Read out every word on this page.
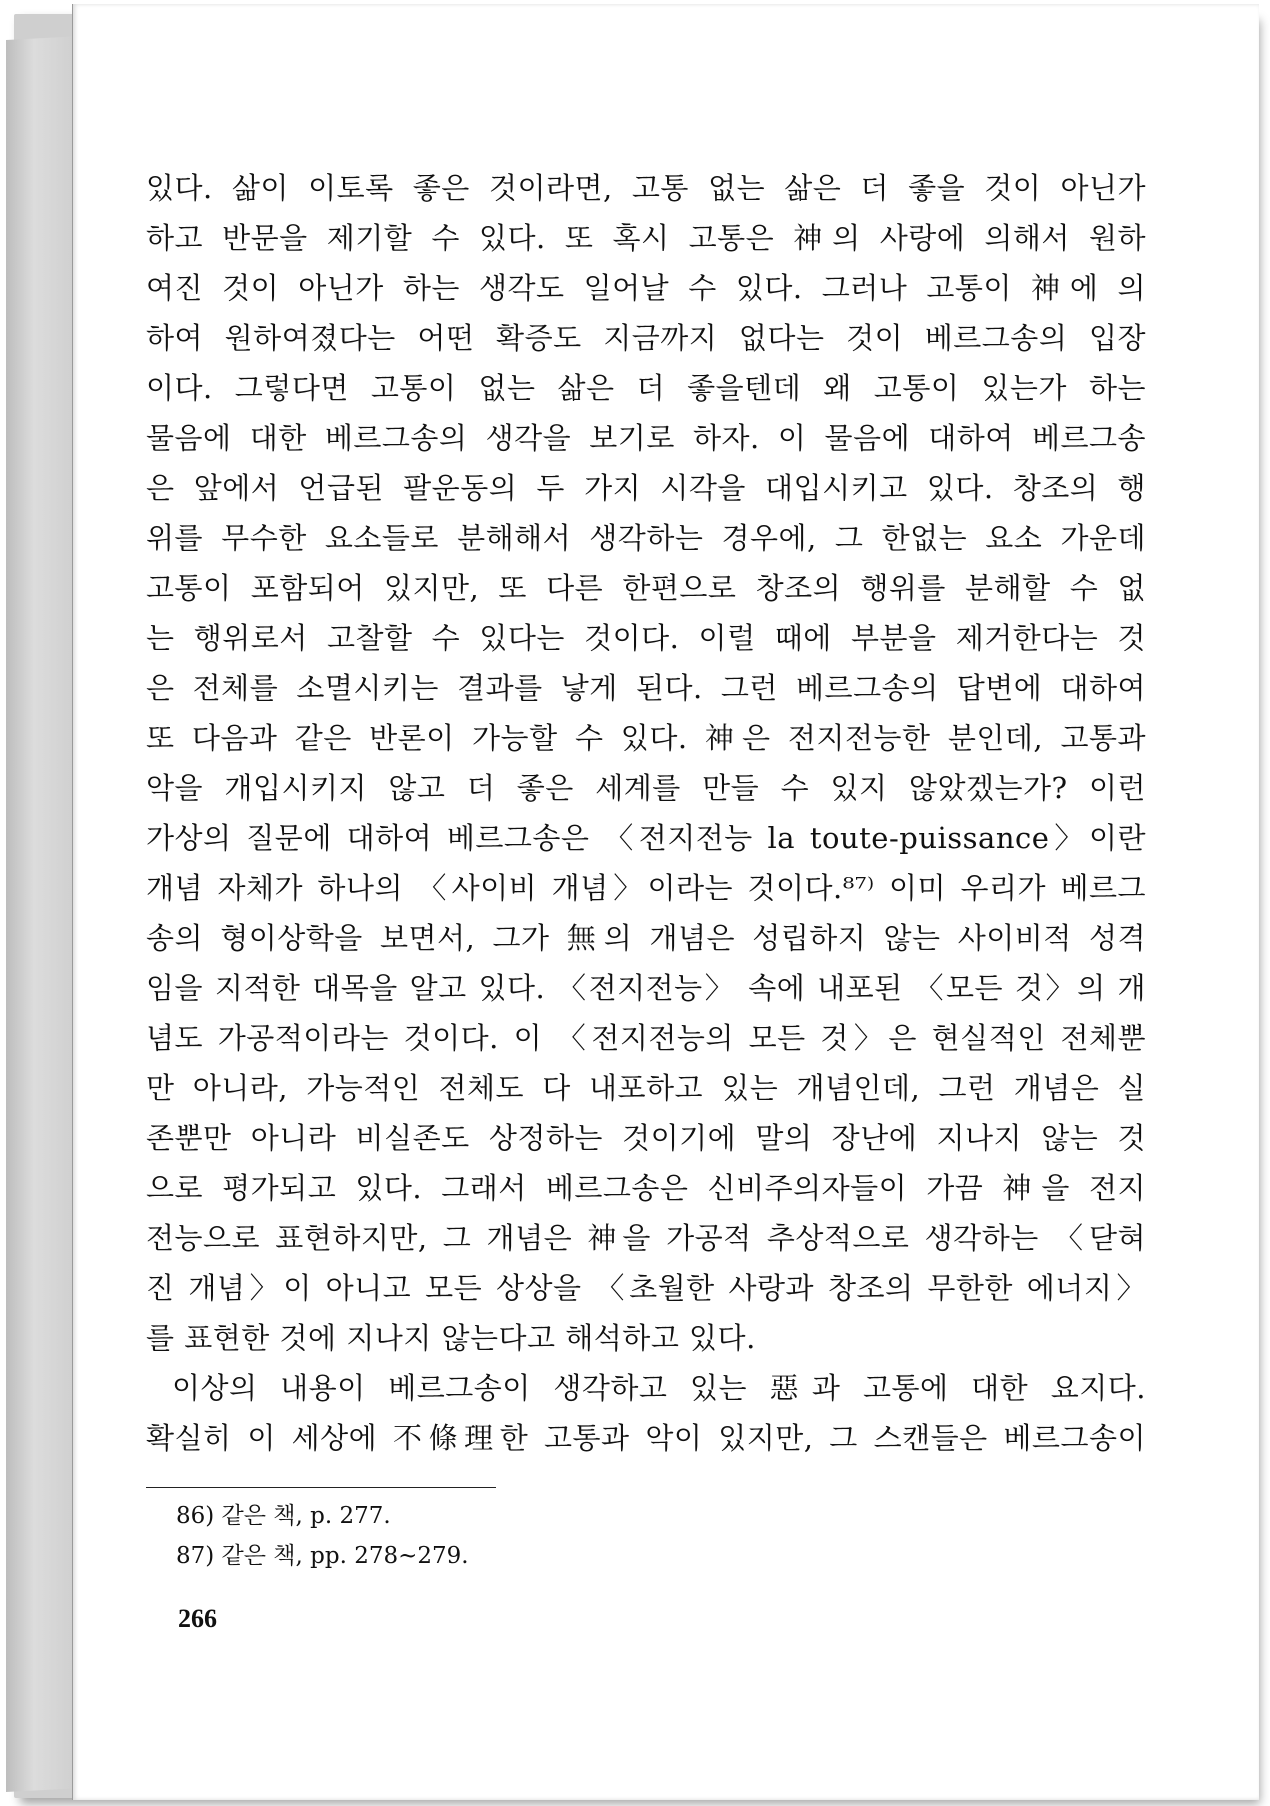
있다. 삶이 이토록 좋은 것이라면, 고통 없는 삶은 더 좋을 것이 아닌가
하고 반문을 제기할 수 있다. 또 혹시 고통은 神의 사랑에 의해서 원하
여진 것이 아닌가 하는 생각도 일어날 수 있다. 그러나 고통이 神에 의
하여 원하여졌다는 어떤 확증도 지금까지 없다는 것이 베르그송의 입장
이다. 그렇다면 고통이 없는 삶은 더 좋을텐데 왜 고통이 있는가 하는
물음에 대한 베르그송의 생각을 보기로 하자. 이 물음에 대하여 베르그송
은 앞에서 언급된 팔운동의 두 가지 시각을 대입시키고 있다. 창조의 행
위를 무수한 요소들로 분해해서 생각하는 경우에, 그 한없는 요소 가운데
고통이 포함되어 있지만, 또 다른 한편으로 창조의 행위를 분해할 수 없
는 행위로서 고찰할 수 있다는 것이다. 이럴 때에 부분을 제거한다는 것
은 전체를 소멸시키는 결과를 낳게 된다. 그런 베르그송의 답변에 대하여
또 다음과 같은 반론이 가능할 수 있다. 神은 전지전능한 분인데, 고통과
악을 개입시키지 않고 더 좋은 세계를 만들 수 있지 않았겠는가? 이런
가상의 질문에 대하여 베르그송은 〈전지전능 la toute-puissance〉이란
개념 자체가 하나의 〈사이비 개념〉이라는 것이다.⁸⁷⁾ 이미 우리가 베르그
송의 형이상학을 보면서, 그가 無의 개념은 성립하지 않는 사이비적 성격
임을 지적한 대목을 알고 있다. 〈전지전능〉 속에 내포된 〈모든 것〉의 개
념도 가공적이라는 것이다. 이 〈전지전능의 모든 것〉은 현실적인 전체뿐
만 아니라, 가능적인 전체도 다 내포하고 있는 개념인데, 그런 개념은 실
존뿐만 아니라 비실존도 상정하는 것이기에 말의 장난에 지나지 않는 것
으로 평가되고 있다. 그래서 베르그송은 신비주의자들이 가끔 神을 전지
전능으로 표현하지만, 그 개념은 神을 가공적 추상적으로 생각하는 〈닫혀
진 개념〉이 아니고 모든 상상을 〈초월한 사랑과 창조의 무한한 에너지〉
를 표현한 것에 지나지 않는다고 해석하고 있다.
이상의 내용이 베르그송이 생각하고 있는 惡과 고통에 대한 요지다.
확실히 이 세상에 不條理한 고통과 악이 있지만, 그 스캔들은 베르그송이
86) 같은 책, p. 277.
87) 같은 책, pp. 278~279.
266
